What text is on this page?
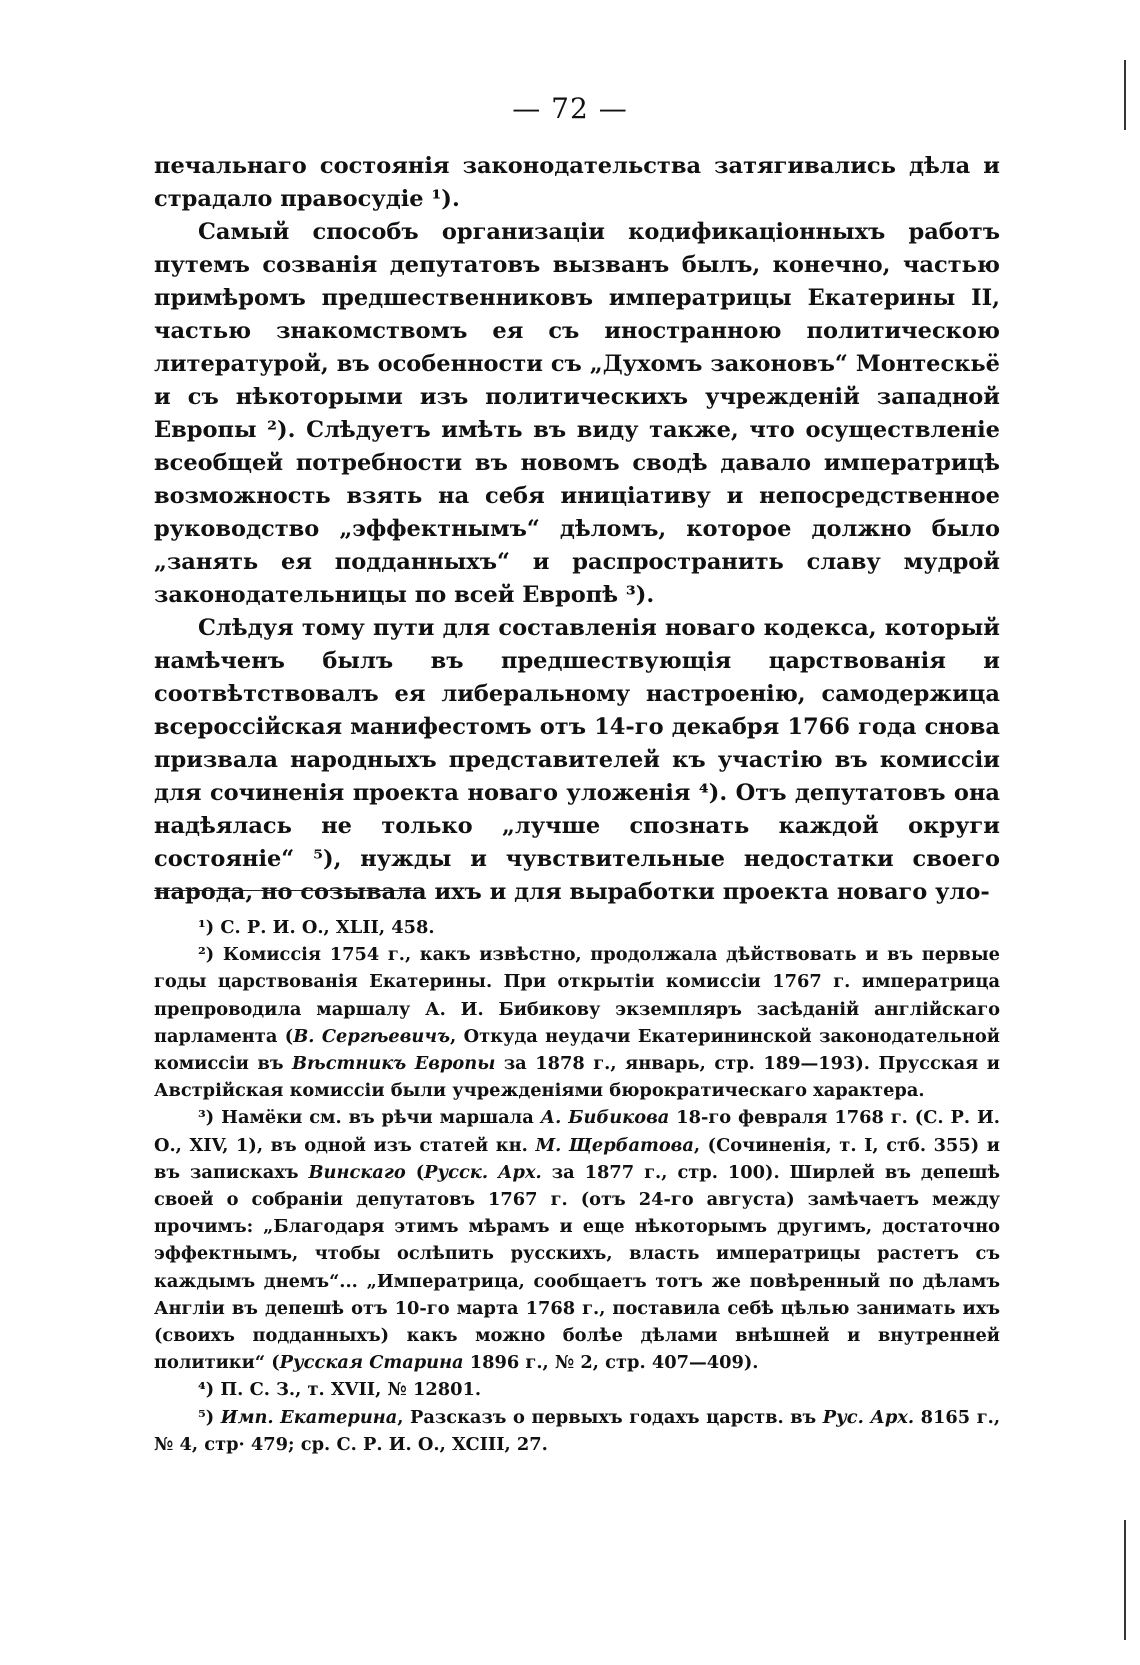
— 72 —

печальнаго состоянія законодательства затягивались дѣла и страдало правосудіе ¹).

Самый способъ организаціи кодификаціонныхъ работъ путемъ созванія депутатовъ вызванъ былъ, конечно, частью примѣромъ предшественниковъ императрицы Екатерины II, частью знакомствомъ ея съ иностранною политическою литературой, въ особенности съ „Духомъ законовъ“ Монтескьё и съ нѣкоторыми изъ политическихъ учрежденій западной Европы ²). Слѣдуетъ имѣть въ виду также, что осуществленіе всеобщей потребности въ новомъ сводѣ давало императрицѣ возможность взять на себя иниціативу и непосредственное руководство „эффектнымъ“ дѣломъ, которое должно было „занять ея подданныхъ“ и распространить славу мудрой законодательницы по всей Европѣ ³).

Слѣдуя тому пути для составленія новаго кодекса, который намѣченъ былъ въ предшествующія царствованія и соотвѣтствовалъ ея либеральному настроенію, самодержица всероссійская манифестомъ отъ 14-го декабря 1766 года снова призвала народныхъ представителей къ участію въ комиссіи для сочиненія проекта новаго уложенія ⁴). Отъ депутатовъ она надѣялась не только „лучше спознать каждой округи состояніе“ ⁵), нужды и чувствительные недостатки своего народа, но созывала ихъ и для выработки проекта новаго уло-

¹) С. Р. И. О., XLII, 458.

²) Комиссія 1754 г., какъ извѣстно, продолжала дѣйствовать и въ первые годы царствованія Екатерины. При открытіи комиссіи 1767 г. императрица препроводила маршалу А. И. Бибикову экземпляръ засѣданій англійскаго парламента (В. Сергѣевичъ, Откуда неудачи Екатерининской законодательной комиссіи въ Вѣстникъ Европы за 1878 г., январь, стр. 189—193). Прусская и Австрійская комиссіи были учрежденіями бюрократическаго характера.

³) Намёки см. въ рѣчи маршала А. Бибикова 18-го февраля 1768 г. (С. Р. И. О., XIV, 1), въ одной изъ статей кн. М. Щербатова, (Сочиненія, т. I, стб. 355) и въ запискахъ Винскаго (Русск. Арх. за 1877 г., стр. 100). Ширлей въ депешѣ своей о собраніи депутатовъ 1767 г. (отъ 24-го августа) замѣчаетъ между прочимъ: „Благодаря этимъ мѣрамъ и еще нѣкоторымъ другимъ, достаточно эффектнымъ, чтобы ослѣпить русскихъ, власть императрицы растетъ съ каждымъ днемъ“... „Императрица, сообщаетъ тотъ же повѣренный по дѣламъ Англіи въ депешѣ отъ 10-го марта 1768 г., поставила себѣ цѣлью занимать ихъ (своихъ подданныхъ) какъ можно болѣе дѣлами внѣшней и внутренней политики“ (Русская Старина 1896 г., № 2, стр. 407—409).

⁴) П. С. З., т. XVII, № 12801.

⁵) Имп. Екатерина, Разсказъ о первыхъ годахъ царств. въ Рус. Арх. 8165 г., № 4, стр· 479; ср. С. Р. И. О., XCIII, 27.
